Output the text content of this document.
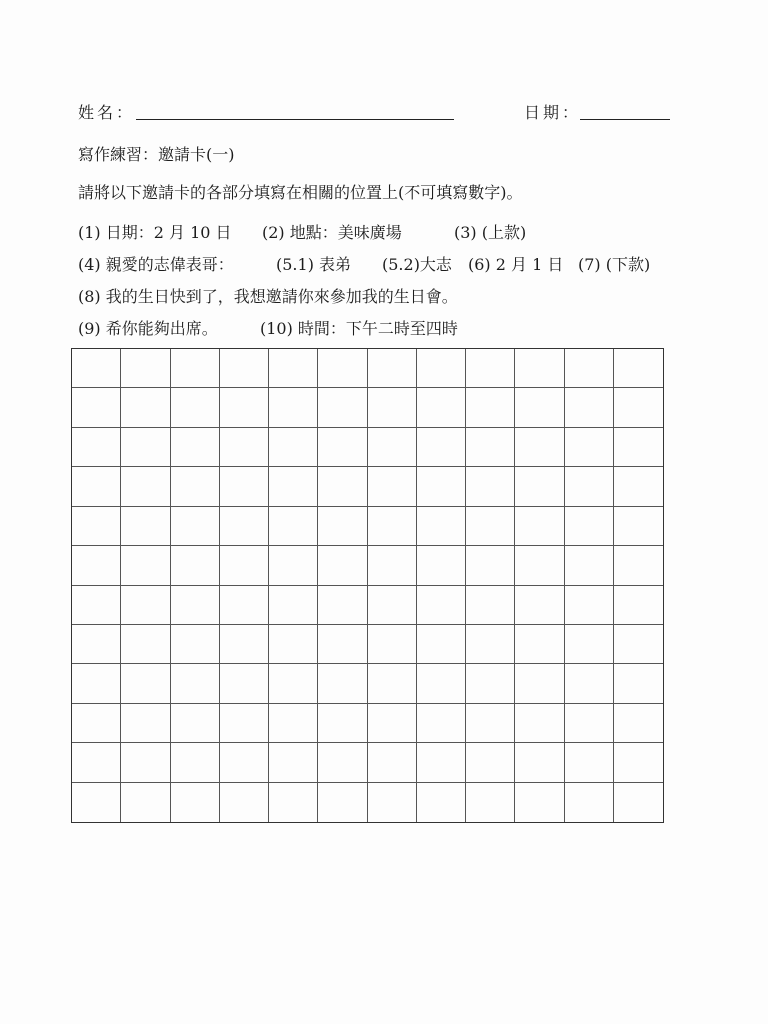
姓名：	日期：
寫作練習：邀請卡(一)
請將以下邀請卡的各部分填寫在相關的位置上(不可填寫數字)。
(1) 日期：2 月 10 日 (2) 地點：美味廣場	(3) (上款)
(4) 親愛的志偉表哥：	(5.1) 表弟 (5.2)大志 (6) 2 月 1 日 (7) (下款)
(8) 我的生日快到了，我想邀請你來參加我的生日會。
(9) 希你能夠出席。	(10) 時間：下午二時至四時
